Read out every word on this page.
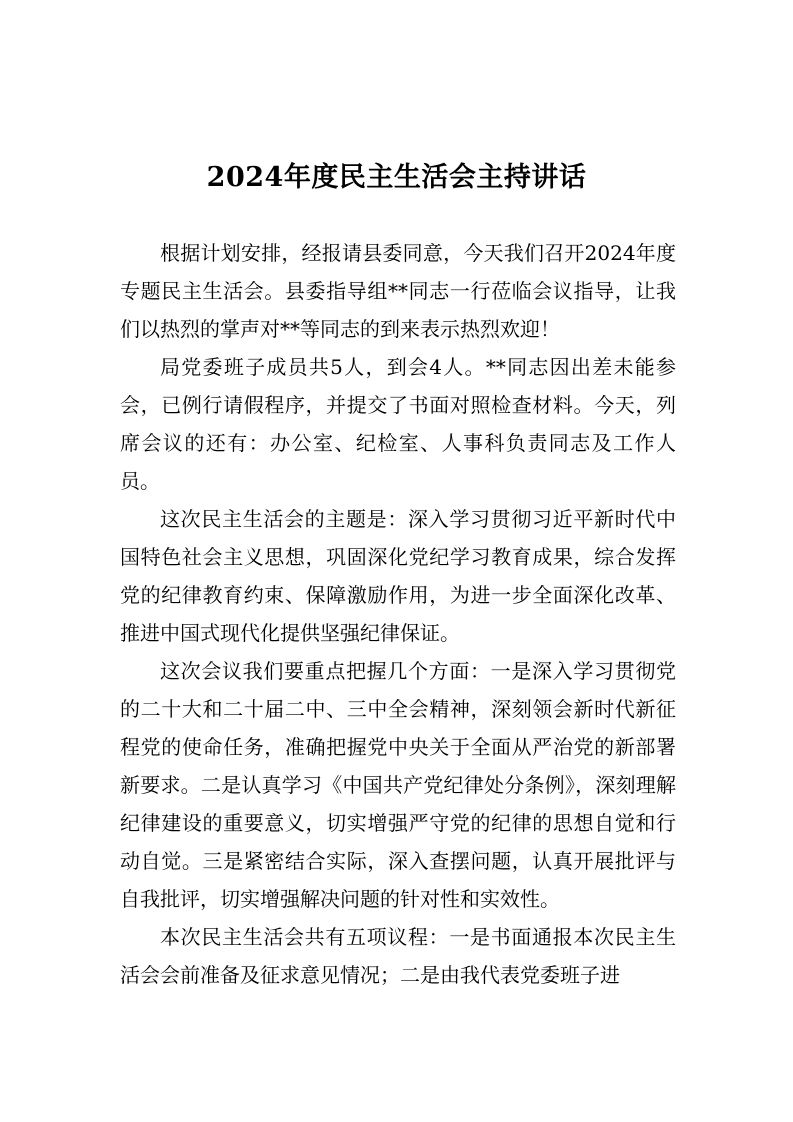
2024年度民主生活会主持讲话

根据计划安排，经报请县委同意，今天我们召开2024年度专题民主生活会。县委指导组**同志一行莅临会议指导，让我们以热烈的掌声对**等同志的到来表示热烈欢迎！

局党委班子成员共5人，到会4人。**同志因出差未能参会，已例行请假程序，并提交了书面对照检查材料。今天，列席会议的还有：办公室、纪检室、人事科负责同志及工作人员。

这次民主生活会的主题是：深入学习贯彻习近平新时代中国特色社会主义思想，巩固深化党纪学习教育成果，综合发挥党的纪律教育约束、保障激励作用，为进一步全面深化改革、推进中国式现代化提供坚强纪律保证。

这次会议我们要重点把握几个方面：一是深入学习贯彻党的二十大和二十届二中、三中全会精神，深刻领会新时代新征程党的使命任务，准确把握党中央关于全面从严治党的新部署新要求。二是认真学习《中国共产党纪律处分条例》，深刻理解纪律建设的重要意义，切实增强严守党的纪律的思想自觉和行动自觉。三是紧密结合实际，深入查摆问题，认真开展批评与自我批评，切实增强解决问题的针对性和实效性。

本次民主生活会共有五项议程：一是书面通报本次民主生活会会前准备及征求意见情况；二是由我代表党委班子进
